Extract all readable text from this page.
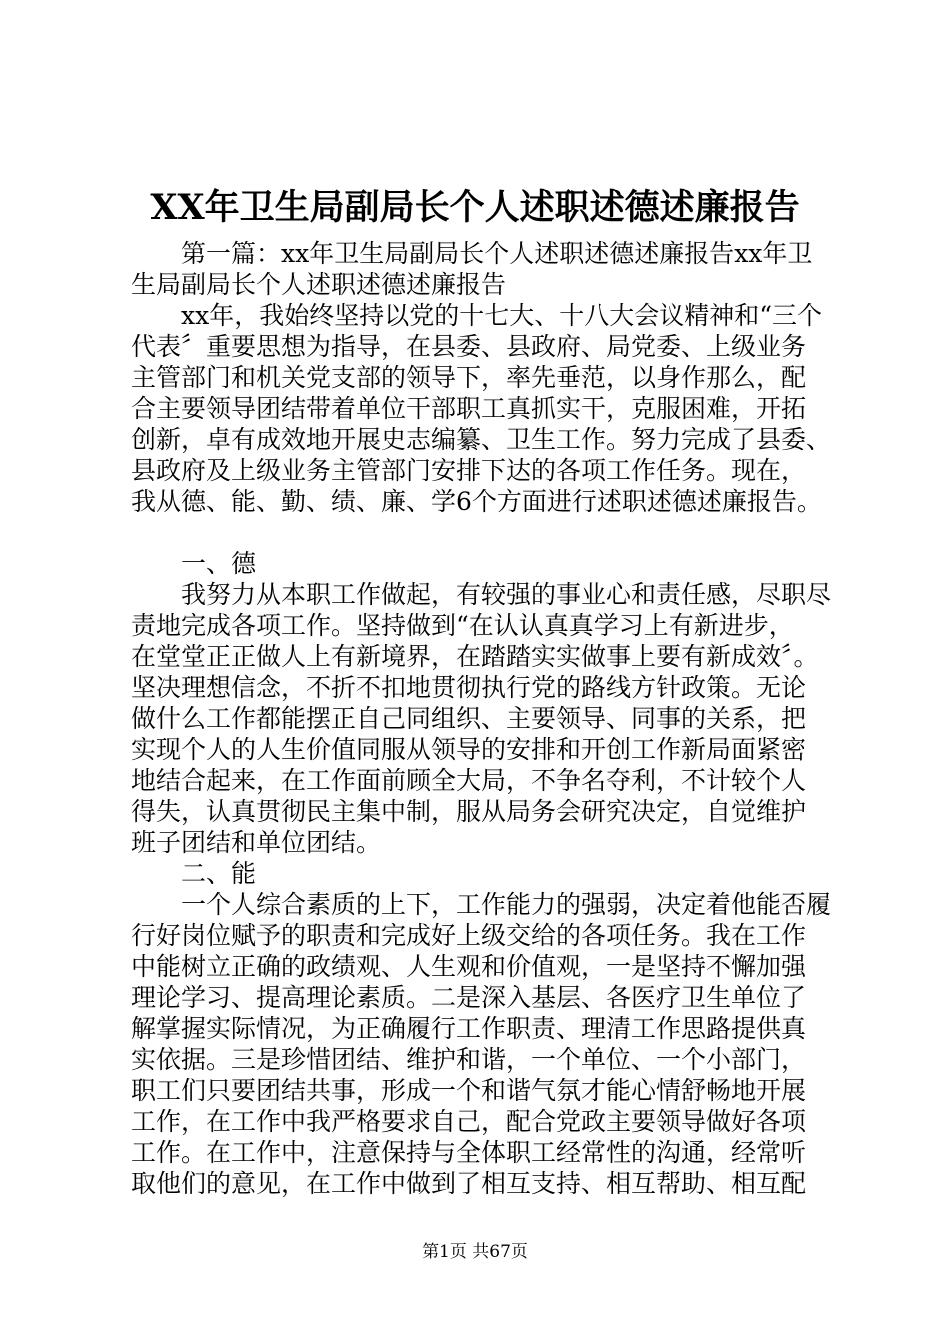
XX年卫生局副局长个人述职述德述廉报告
　　第一篇：xx年卫生局副局长个人述职述德述廉报告xx年卫
生局副局长个人述职述德述廉报告
　　xx年，我始终坚持以党的十七大、十八大会议精神和“三个
代表〞重要思想为指导，在县委、县政府、局党委、上级业务
主管部门和机关党支部的领导下，率先垂范，以身作那么，配
合主要领导团结带着单位干部职工真抓实干，克服困难，开拓
创新，卓有成效地开展史志编纂、卫生工作。努力完成了县委、
县政府及上级业务主管部门安排下达的各项工作任务。现在，
我从德、能、勤、绩、廉、学6个方面进行述职述德述廉报告。
　　一、德
　　我努力从本职工作做起，有较强的事业心和责任感，尽职尽
责地完成各项工作。坚持做到“在认认真真学习上有新进步，
在堂堂正正做人上有新境界，在踏踏实实做事上要有新成效〞。
坚决理想信念，不折不扣地贯彻执行党的路线方针政策。无论
做什么工作都能摆正自己同组织、主要领导、同事的关系，把
实现个人的人生价值同服从领导的安排和开创工作新局面紧密
地结合起来，在工作面前顾全大局，不争名夺利，不计较个人
得失，认真贯彻民主集中制，服从局务会研究决定，自觉维护
班子团结和单位团结。
　　二、能
　　一个人综合素质的上下，工作能力的强弱，决定着他能否履
行好岗位赋予的职责和完成好上级交给的各项任务。我在工作
中能树立正确的政绩观、人生观和价值观，一是坚持不懈加强
理论学习、提高理论素质。二是深入基层、各医疗卫生单位了
解掌握实际情况，为正确履行工作职责、理清工作思路提供真
实依据。三是珍惜团结、维护和谐，一个单位、一个小部门，
职工们只要团结共事，形成一个和谐气氛才能心情舒畅地开展
工作，在工作中我严格要求自己，配合党政主要领导做好各项
工作。在工作中，注意保持与全体职工经常性的沟通，经常听
取他们的意见，在工作中做到了相互支持、相互帮助、相互配
第1页 共67页
